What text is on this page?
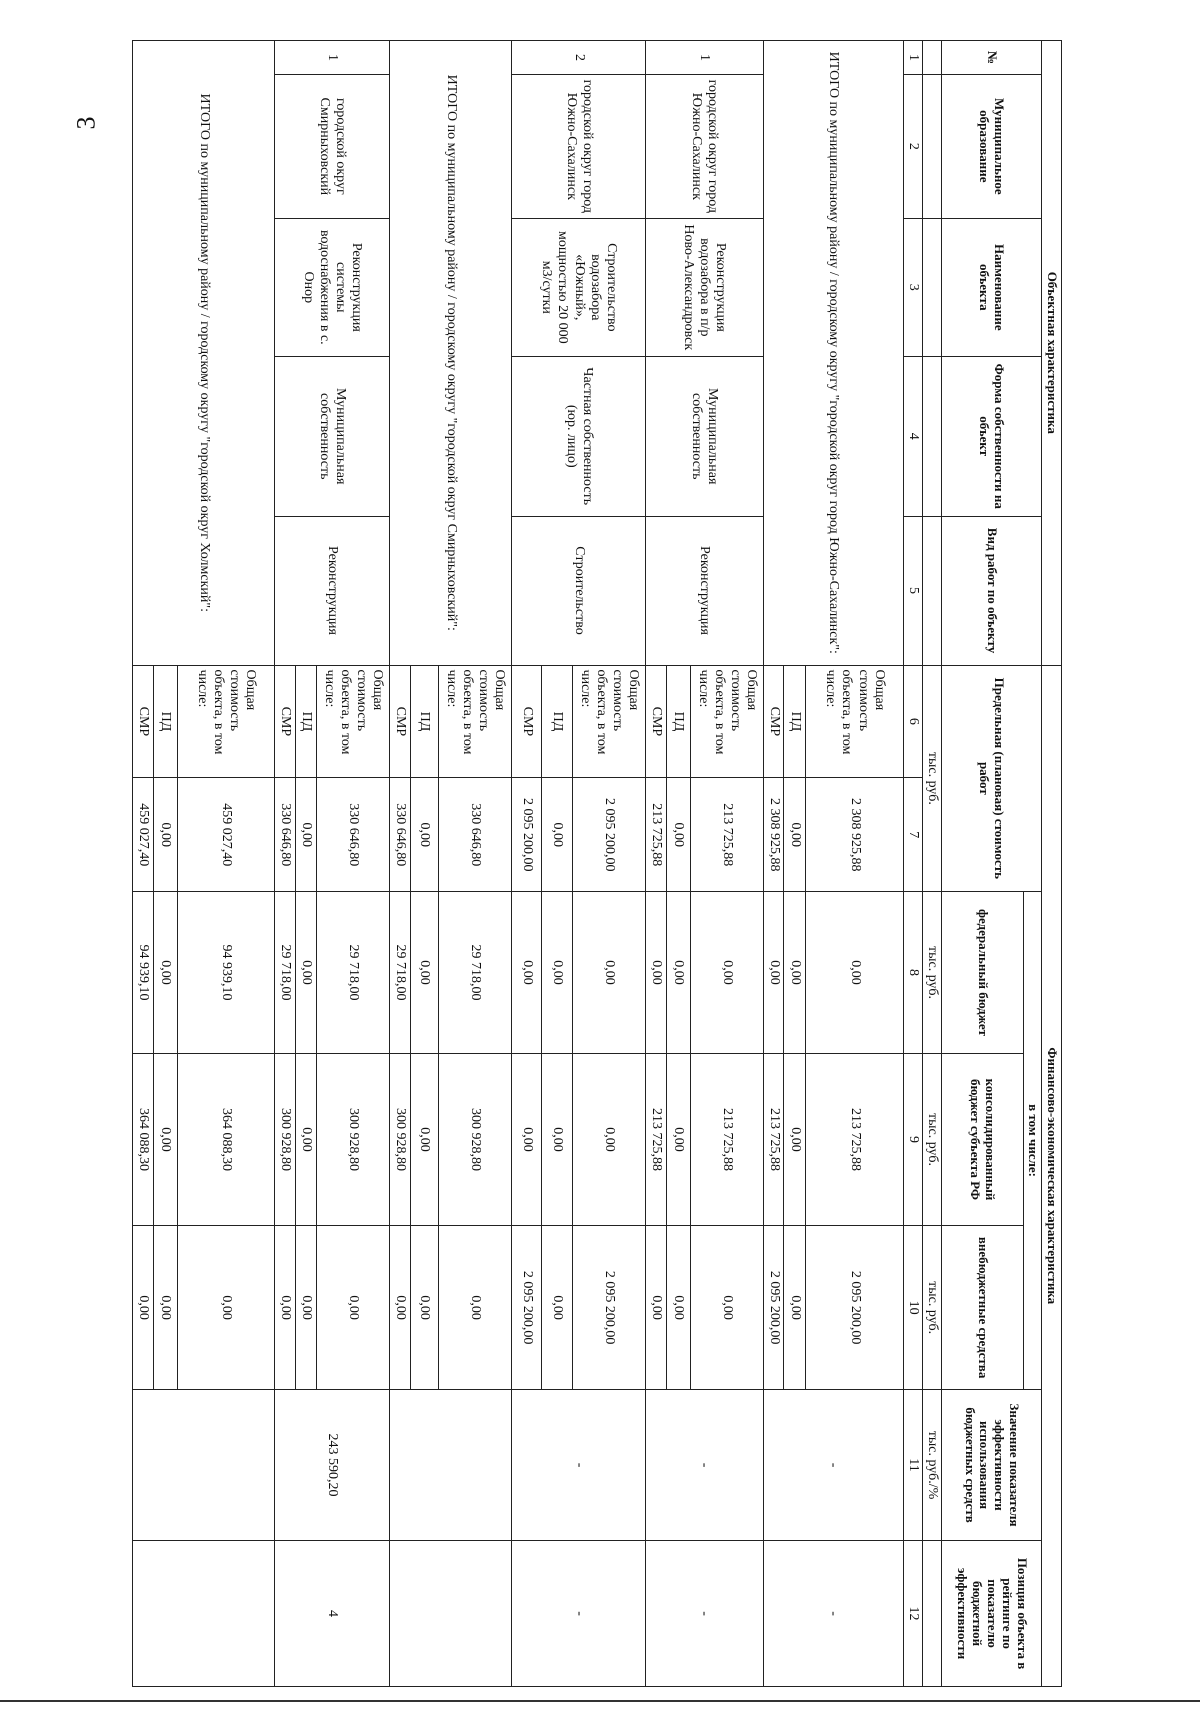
3
Объектная характеристика					Финансово-экономическая характеристика						
№	Муниципальное образование	Наименование объекта	Форма собственности на объект	Вид работ по объекту	Предельная (плановая) стоимость работ		в том числе:			Значение показателя эффективности использования бюджетных средств	Позиция объекта в рейтинге по показателю бюджетной эффективности
							федеральный бюджет	консолидированный бюджет субъекта РФ	внебюджетные средства		
					тыс. руб.		тыс. руб.	тыс. руб.	тыс. руб.	тыс. руб./%	
1	2	3	4	5	6	7	8	9	10	11	12
ИТОГО по муниципальному району / городскому округу "городской округ город Южно-Сахалинск":					Общая стоимость объекта, в том числе:	2 308 925,88	0,00	213 725,88	2 095 200,00	-	-
					ПД	0,00	0,00	0,00	0,00		
					СМР	2 308 925,88	0,00	213 725,88	2 095 200,00		
1	городской округ город Южно-Сахалинск	Реконструкция водозабора в п/р Ново-Александровск	Муниципальная собственность	Реконструкция	Общая стоимость объекта, в том числе:	213 725,88	0,00	213 725,88	0,00	-	-
					ПД	0,00	0,00	0,00	0,00		
					СМР	213 725,88	0,00	213 725,88	0,00		
2	городской округ город Южно-Сахалинск	Строительство водозабора «Южный», мощностью 20 000 м3/сутки	Частная собственность (юр. лицо)	Строительство	Общая стоимость объекта, в том числе:	2 095 200,00	0,00	0,00	2 095 200,00	-	-
					ПД	0,00	0,00	0,00	0,00		
					СМР	2 095 200,00	0,00	0,00	2 095 200,00		
ИТОГО по муниципальному району / городскому округу "городской округ Смирныховский":					Общая стоимость объекта, в том числе:	330 646,80	29 718,00	300 928,80	0,00		
					ПД	0,00	0,00	0,00	0,00		
					СМР	330 646,80	29 718,00	300 928,80	0,00		
1	городской округ Смирныховский	Реконструкция системы водоснабжения в с. Онор	Муниципальная собственность	Реконструкция	Общая стоимость объекта, в том числе:	330 646,80	29 718,00	300 928,80	0,00	243 590,20	4
					ПД	0,00	0,00	0,00	0,00		
					СМР	330 646,80	29 718,00	300 928,80	0,00		
ИТОГО по муниципальному району / городскому округу "городской округ Холмский":					Общая стоимость объекта, в том числе:	459 027,40	94 939,10	364 088,30	0,00		
					ПД	0,00	0,00	0,00	0,00		
					СМР	459 027,40	94 939,10	364 088,30	0,00		
